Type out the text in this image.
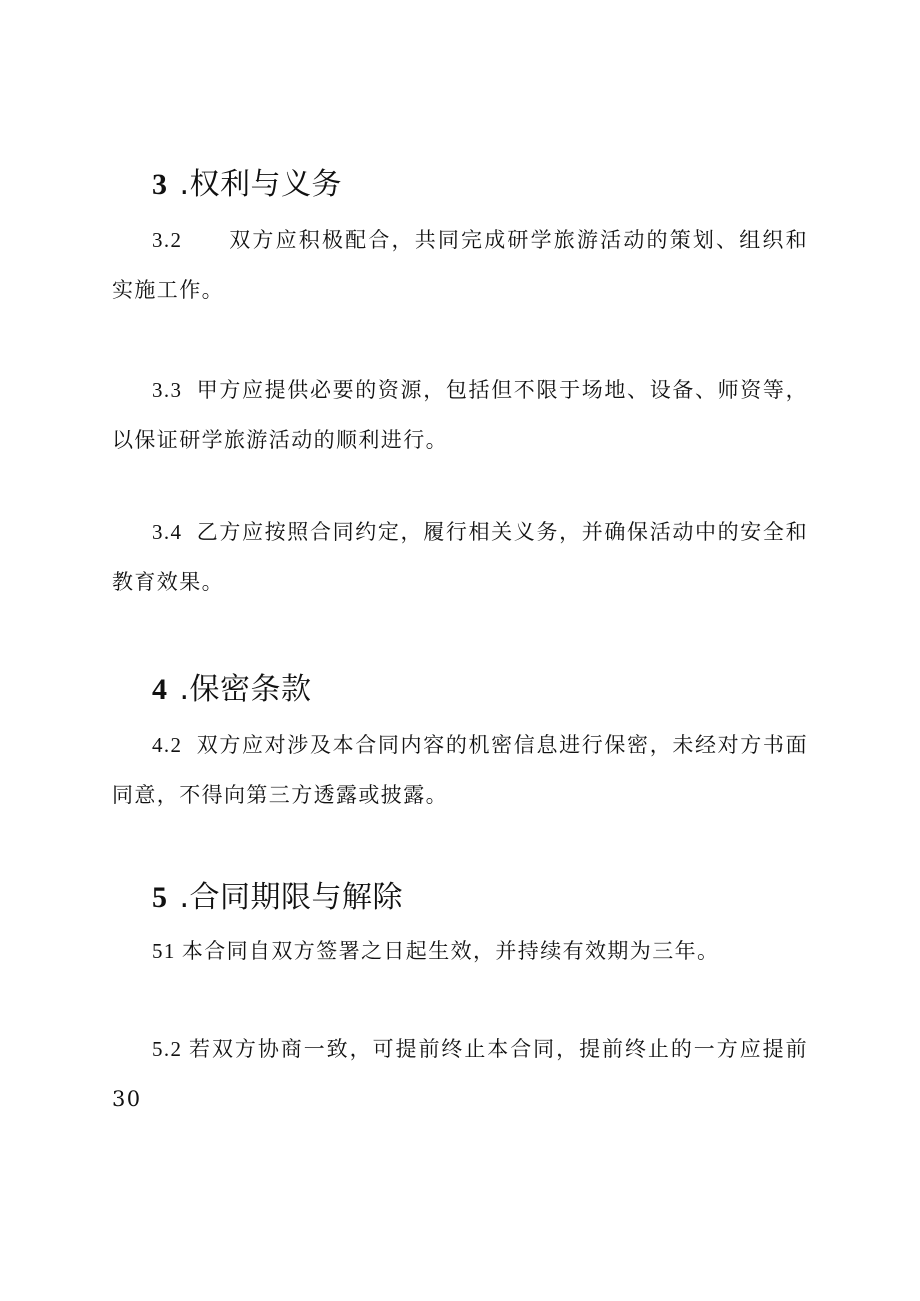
3 .权利与义务

3.2 双方应积极配合，共同完成研学旅游活动的策划、组织和实施工作。

3.3 甲方应提供必要的资源，包括但不限于场地、设备、师资等，以保证研学旅游活动的顺利进行。

3.4 乙方应按照合同约定，履行相关义务，并确保活动中的安全和教育效果。

4 .保密条款

4.2 双方应对涉及本合同内容的机密信息进行保密，未经对方书面同意，不得向第三方透露或披露。

5 .合同期限与解除

51 本合同自双方签署之日起生效，并持续有效期为三年。

5.2 若双方协商一致，可提前终止本合同，提前终止的一方应提前30
